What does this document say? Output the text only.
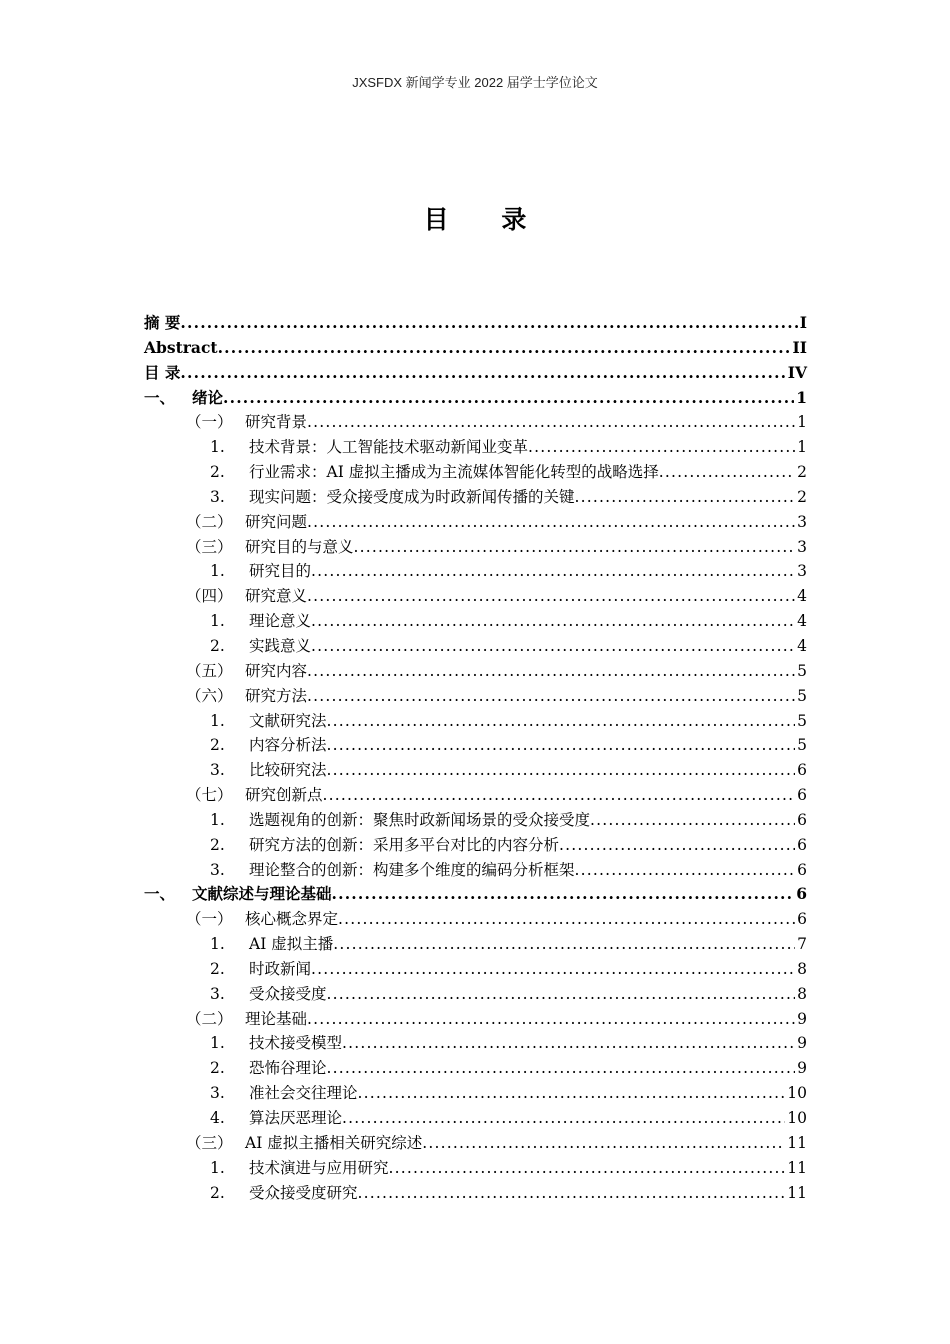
JXSFDX 新闻学专业 2022 届学士学位论文
目 录
摘 要 .....	I
Abstract .....	II
目 录 .....	IV
一、	绪论 .....	1
（一） 研究背景 .....	1
1.	技术背景：人工智能技术驱动新闻业变革 .....	1
2.	行业需求：AI 虚拟主播成为主流媒体智能化转型的战略选择 .....	2
3.	现实问题：受众接受度成为时政新闻传播的关键 .....	2
（二） 研究问题 .....	3
（三） 研究目的与意义 .....	3
1.	研究目的 .....	3
（四） 研究意义 .....	4
1.	理论意义 .....	4
2.	实践意义 .....	4
（五） 研究内容 .....	5
（六） 研究方法 .....	5
1.	文献研究法 .....	5
2.	内容分析法 .....	5
3.	比较研究法 .....	6
（七） 研究创新点 .....	6
1.	选题视角的创新：聚焦时政新闻场景的受众接受度 .....	6
2.	研究方法的创新：采用多平台对比的内容分析 .....	6
3.	理论整合的创新：构建多个维度的编码分析框架 .....	6
一、	文献综述与理论基础 .....	6
（一） 核心概念界定 .....	6
1.	AI 虚拟主播 .....	7
2.	时政新闻 .....	8
3.	受众接受度 .....	8
（二） 理论基础 .....	9
1.	技术接受模型 .....	9
2.	恐怖谷理论 .....	9
3.	准社会交往理论 .....	10
4.	算法厌恶理论 .....	10
（三） AI 虚拟主播相关研究综述 .....	11
1.	技术演进与应用研究 .....	11
2.	受众接受度研究 .....	11
